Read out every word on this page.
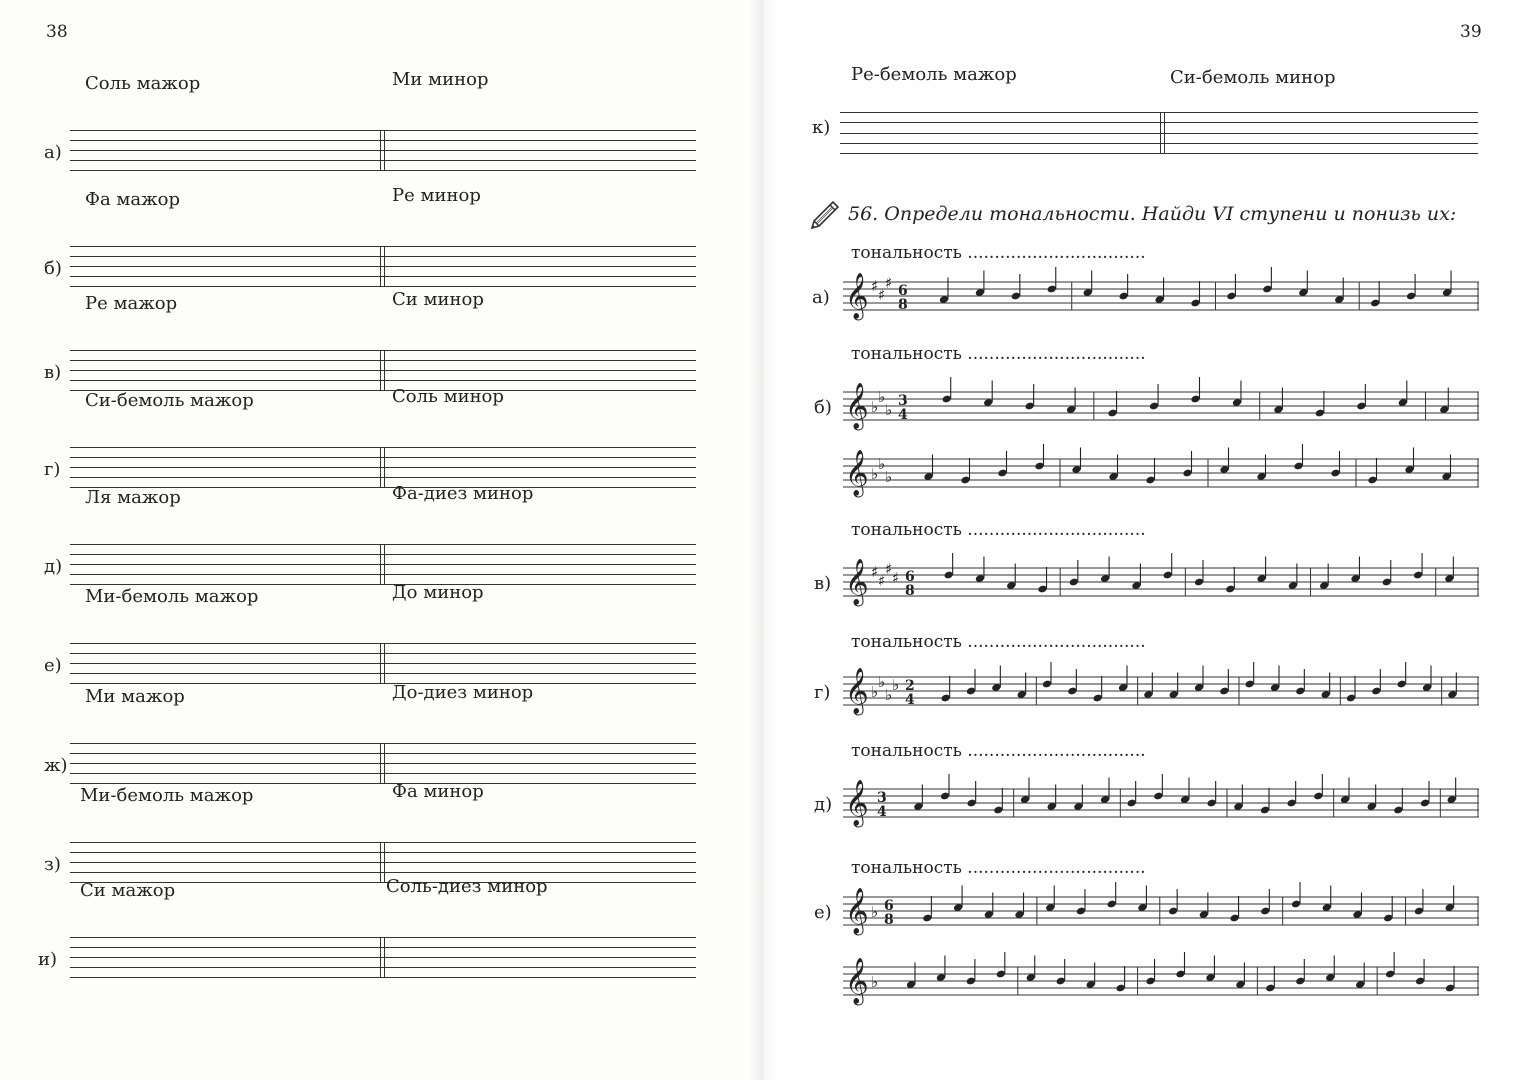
38
Соль мажор	Ми минор
а)
Фа мажор	Ре минор
б)
Ре мажор	Си минор
в)
Си-бемоль мажор	Соль минор
г)
Ля мажор	Фа-диез минор
д)
Ми-бемоль мажор	До минор
е)
Ми мажор	До-диез минор
ж)
Ми-бемоль мажор	Фа минор
з)
Си мажор	Соль-диез минор
и)
39
Ре-бемоль мажор	Си-бемоль минор
к)
56. Определи тональности. Найди VI ступени и понизь их:
тональность .................................
а) 𝄞 ♯ ♯
♯ 6
8
тональность .................................
б) 𝄞 ♭
♭
♭ 3
4
𝄞 ♭
♭
♭
тональность .................................
в) 𝄞 ♯ ♯
♯ ♯ 6
8
тональность .................................
г) 𝄞 ♭
♭
♭
♭ 2
4
тональность .................................
д) 𝄞 3
4
тональность .................................
е) 𝄞 ♭ 6
8
𝄞 ♭
